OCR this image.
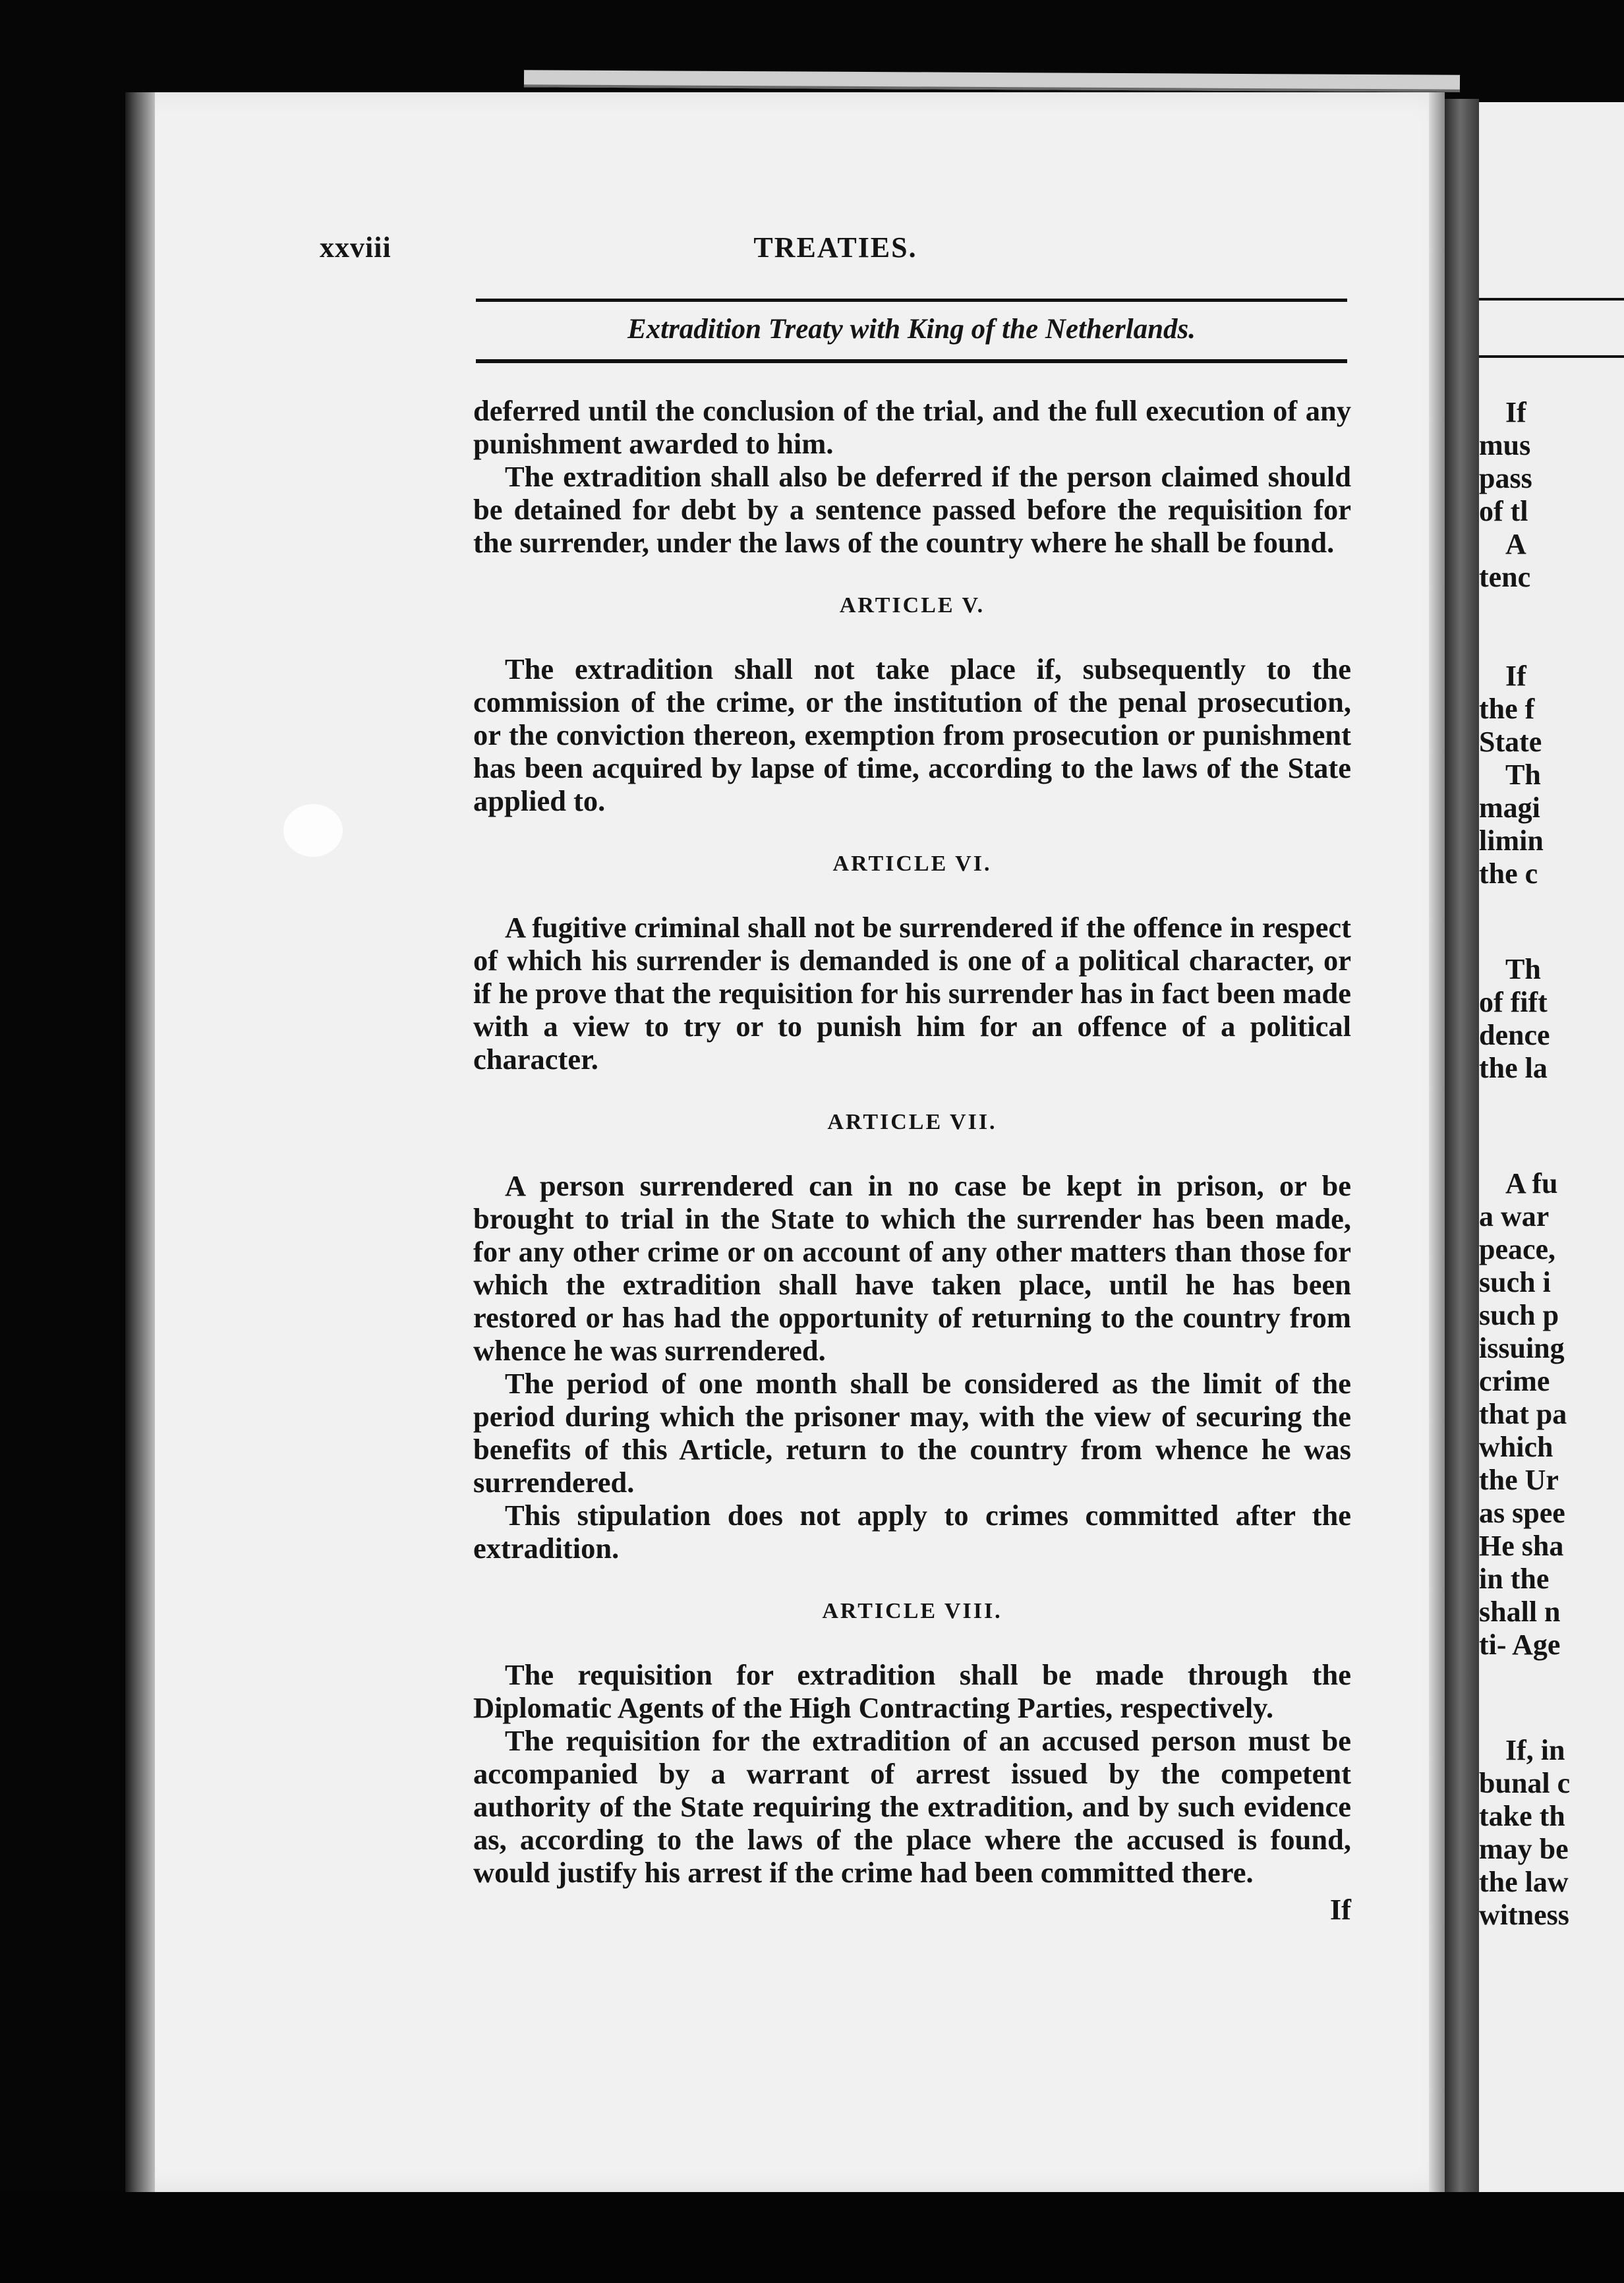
If
mus
pass
of tl
A
tenc
If
the f
State
Th
magi
limin
the c
Th
of fift
dence
the la
A fu
a war
peace,
such i
such p
issuing
crime
that pa
which
the Ur
as spee
He sha
in the
shall n
ti- Age
If, in
bunal c
take th
may be
the law
witness
xxviii	TREATIES.
Extradition Treaty with King of the Netherlands.

deferred until the conclusion of the trial, and the full execution of any punishment awarded to him.

The extradition shall also be deferred if the person claimed should be detained for debt by a sentence passed before the requisition for the surrender, under the laws of the country where he shall be found.

ARTICLE V.

The extradition shall not take place if, subsequently to the commission of the crime, or the institution of the penal prosecution, or the conviction thereon, exemption from prosecution or punishment has been acquired by lapse of time, according to the laws of the State applied to.

ARTICLE VI.

A fugitive criminal shall not be surrendered if the offence in respect of which his surrender is demanded is one of a political character, or if he prove that the requisition for his surrender has in fact been made with a view to try or to punish him for an offence of a political character.

ARTICLE VII.

A person surrendered can in no case be kept in prison, or be brought to trial in the State to which the surrender has been made, for any other crime or on account of any other matters than those for which the extradition shall have taken place, until he has been restored or has had the opportunity of returning to the country from whence he was surrendered.

The period of one month shall be considered as the limit of the period during which the prisoner may, with the view of securing the benefits of this Article, return to the country from whence he was surrendered.

This stipulation does not apply to crimes committed after the extradition.

ARTICLE VIII.

The requisition for extradition shall be made through the Diplomatic Agents of the High Contracting Parties, respectively.

The requisition for the extradition of an accused person must be accompanied by a warrant of arrest issued by the competent authority of the State requiring the extradition, and by such evidence as, according to the laws of the place where the accused is found, would justify his arrest if the crime had been committed there.

If
